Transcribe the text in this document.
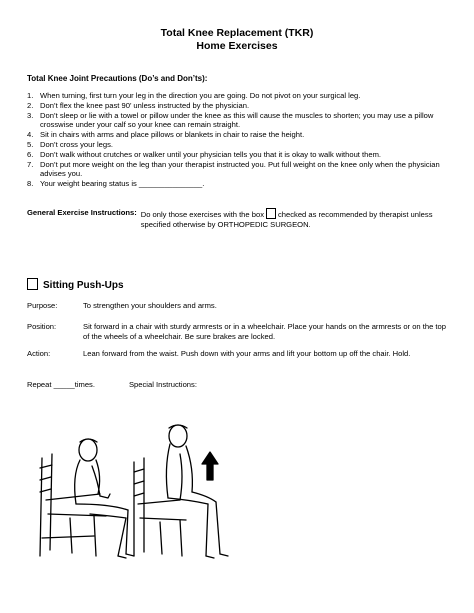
Total Knee Replacement (TKR)
Home Exercises
Total Knee Joint Precautions (Do’s and Don’ts):
1. When turning, first turn your leg in the direction you are going. Do not pivot on your surgical leg.
2. Don’t flex the knee past 90’ unless instructed by the physician.
3. Don’t sleep or lie with a towel or pillow under the knee as this will cause the muscles to shorten; you may use a pillow crosswise under your calf so your knee can remain straight.
4. Sit in chairs with arms and place pillows or blankets in chair to raise the height.
5. Don’t cross your legs.
6. Don’t walk without crutches or walker until your physician tells you that it is okay to walk without them.
7. Don’t put more weight on the leg than your therapist instructed you. Put full weight on the knee only when the physician advises you.
8. Your weight bearing status is _______________.
General Exercise Instructions: Do only those exercises with the box checked as recommended by therapist unless specified otherwise by ORTHOPEDIC SURGEON.
Sitting Push-Ups
Purpose:	To strengthen your shoulders and arms.
Position:	Sit forward in a chair with sturdy armrests or in a wheelchair. Place your hands on the armrests or on the top of the wheels of a wheelchair. Be sure brakes are locked.
Action:	Lean forward from the waist. Push down with your arms and lift your bottom up off the chair. Hold.
Repeat _____times.	Special Instructions:
